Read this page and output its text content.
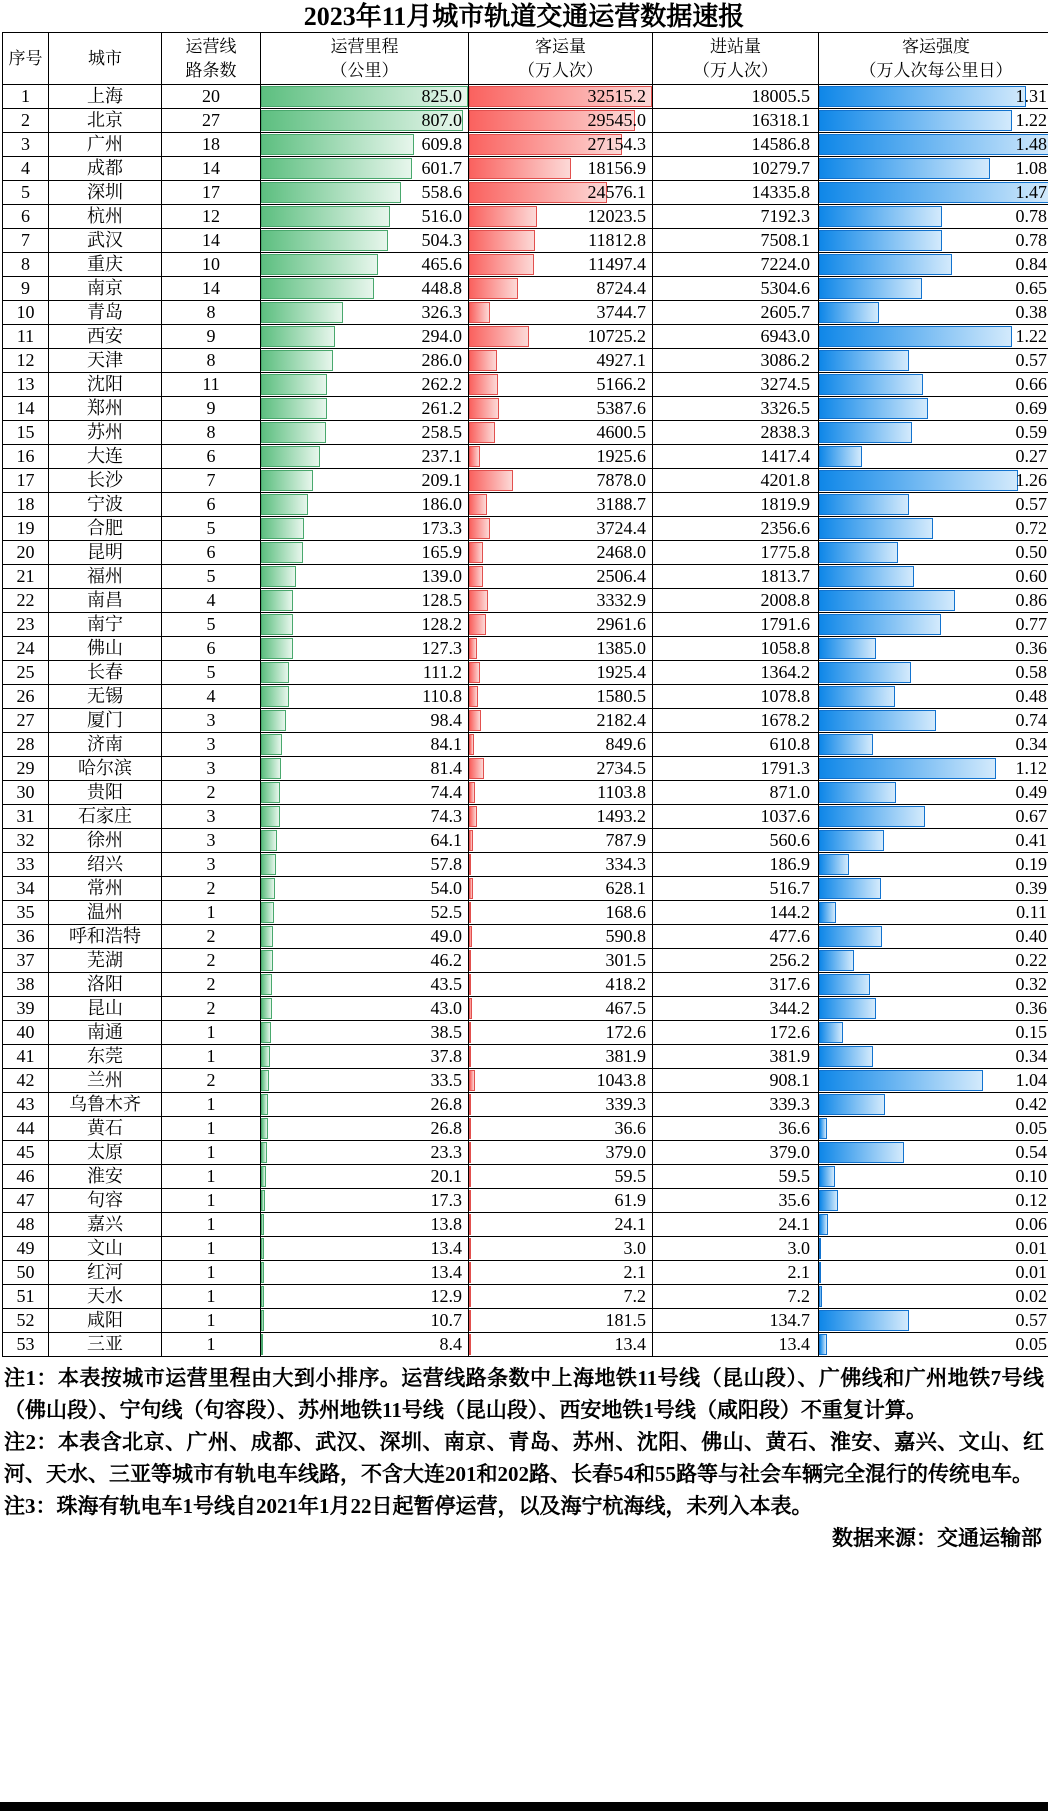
2023年11月城市轨道交通运营数据速报
序号	城市

运营线
路条数

运营里程
（公里）

客运量
（万人次）

进站量
（万人次）

客运强度
（万人次每公里日）

1	上海	20	825.0	32515.2	18005.5	1.31

2	北京	27	807.0	29545.0	16318.1	1.22

3	广州	18	609.8	27154.3	14586.8	1.48

4	成都	14	601.7	18156.9	10279.7	1.08

5	深圳	17	558.6	24576.1	14335.8	1.47

6	杭州	12	516.0	12023.5	7192.3	0.78

7	武汉	14	504.3	11812.8	7508.1	0.78

8	重庆	10	465.6	11497.4	7224.0	0.84

9	南京	14	448.8	8724.4	5304.6	0.65

10	青岛	8	326.3	3744.7	2605.7	0.38

11	西安	9	294.0	10725.2	6943.0	1.22

12	天津	8	286.0	4927.1	3086.2	0.57

13	沈阳	11	262.2	5166.2	3274.5	0.66

14	郑州	9	261.2	5387.6	3326.5	0.69

15	苏州	8	258.5	4600.5	2838.3	0.59

16	大连	6	237.1	1925.6	1417.4	0.27

17	长沙	7	209.1	7878.0	4201.8	1.26

18	宁波	6	186.0	3188.7	1819.9	0.57

19	合肥	5	173.3	3724.4	2356.6	0.72

20	昆明	6	165.9	2468.0	1775.8	0.50

21	福州	5	139.0	2506.4	1813.7	0.60

22	南昌	4	128.5	3332.9	2008.8	0.86

23	南宁	5	128.2	2961.6	1791.6	0.77

24	佛山	6	127.3	1385.0	1058.8	0.36

25	长春	5	111.2	1925.4	1364.2	0.58

26	无锡	4	110.8	1580.5	1078.8	0.48

27	厦门	3	98.4	2182.4	1678.2	0.74

28	济南	3	84.1	849.6	610.8	0.34

29	哈尔滨	3	81.4	2734.5	1791.3	1.12

30	贵阳	2	74.4	1103.8	871.0	0.49

31	石家庄	3	74.3	1493.2	1037.6	0.67

32	徐州	3	64.1	787.9	560.6	0.41

33	绍兴	3	57.8	334.3	186.9	0.19

34	常州	2	54.0	628.1	516.7	0.39

35	温州	1	52.5	168.6	144.2	0.11

36	呼和浩特	2	49.0	590.8	477.6	0.40

37	芜湖	2	46.2	301.5	256.2	0.22

38	洛阳	2	43.5	418.2	317.6	0.32

39	昆山	2	43.0	467.5	344.2	0.36

40	南通	1	38.5	172.6	172.6	0.15

41	东莞	1	37.8	381.9	381.9	0.34

42	兰州	2	33.5	1043.8	908.1	1.04

43	乌鲁木齐	1	26.8	339.3	339.3	0.42

44	黄石	1	26.8	36.6	36.6	0.05

45	太原	1	23.3	379.0	379.0	0.54

46	淮安	1	20.1	59.5	59.5	0.10

47	句容	1	17.3	61.9	35.6	0.12

48	嘉兴	1	13.8	24.1	24.1	0.06

49	文山	1	13.4	3.0	3.0	0.01

50	红河	1	13.4	2.1	2.1	0.01

51	天水	1	12.9	7.2	7.2	0.02

52	咸阳	1	10.7	181.5	134.7	0.57

53	三亚	1	8.4	13.4	13.4	0.05
注1：本表按城市运营里程由大到小排序。运营线路条数中上海地铁11号线（昆山段）、广佛线和广州地铁7号线（佛山段）、宁句线（句容段）、苏州地铁11号线（昆山段）、西安地铁1号线（咸阳段）不重复计算。
注2：本表含北京、广州、成都、武汉、深圳、南京、青岛、苏州、沈阳、佛山、黄石、淮安、嘉兴、文山、红河、天水、三亚等城市有轨电车线路，不含大连201和202路、长春54和55路等与社会车辆完全混行的传统电车。
注3：珠海有轨电车1号线自2021年1月22日起暂停运营，以及海宁杭海线，未列入本表。
数据来源：交通运输部
